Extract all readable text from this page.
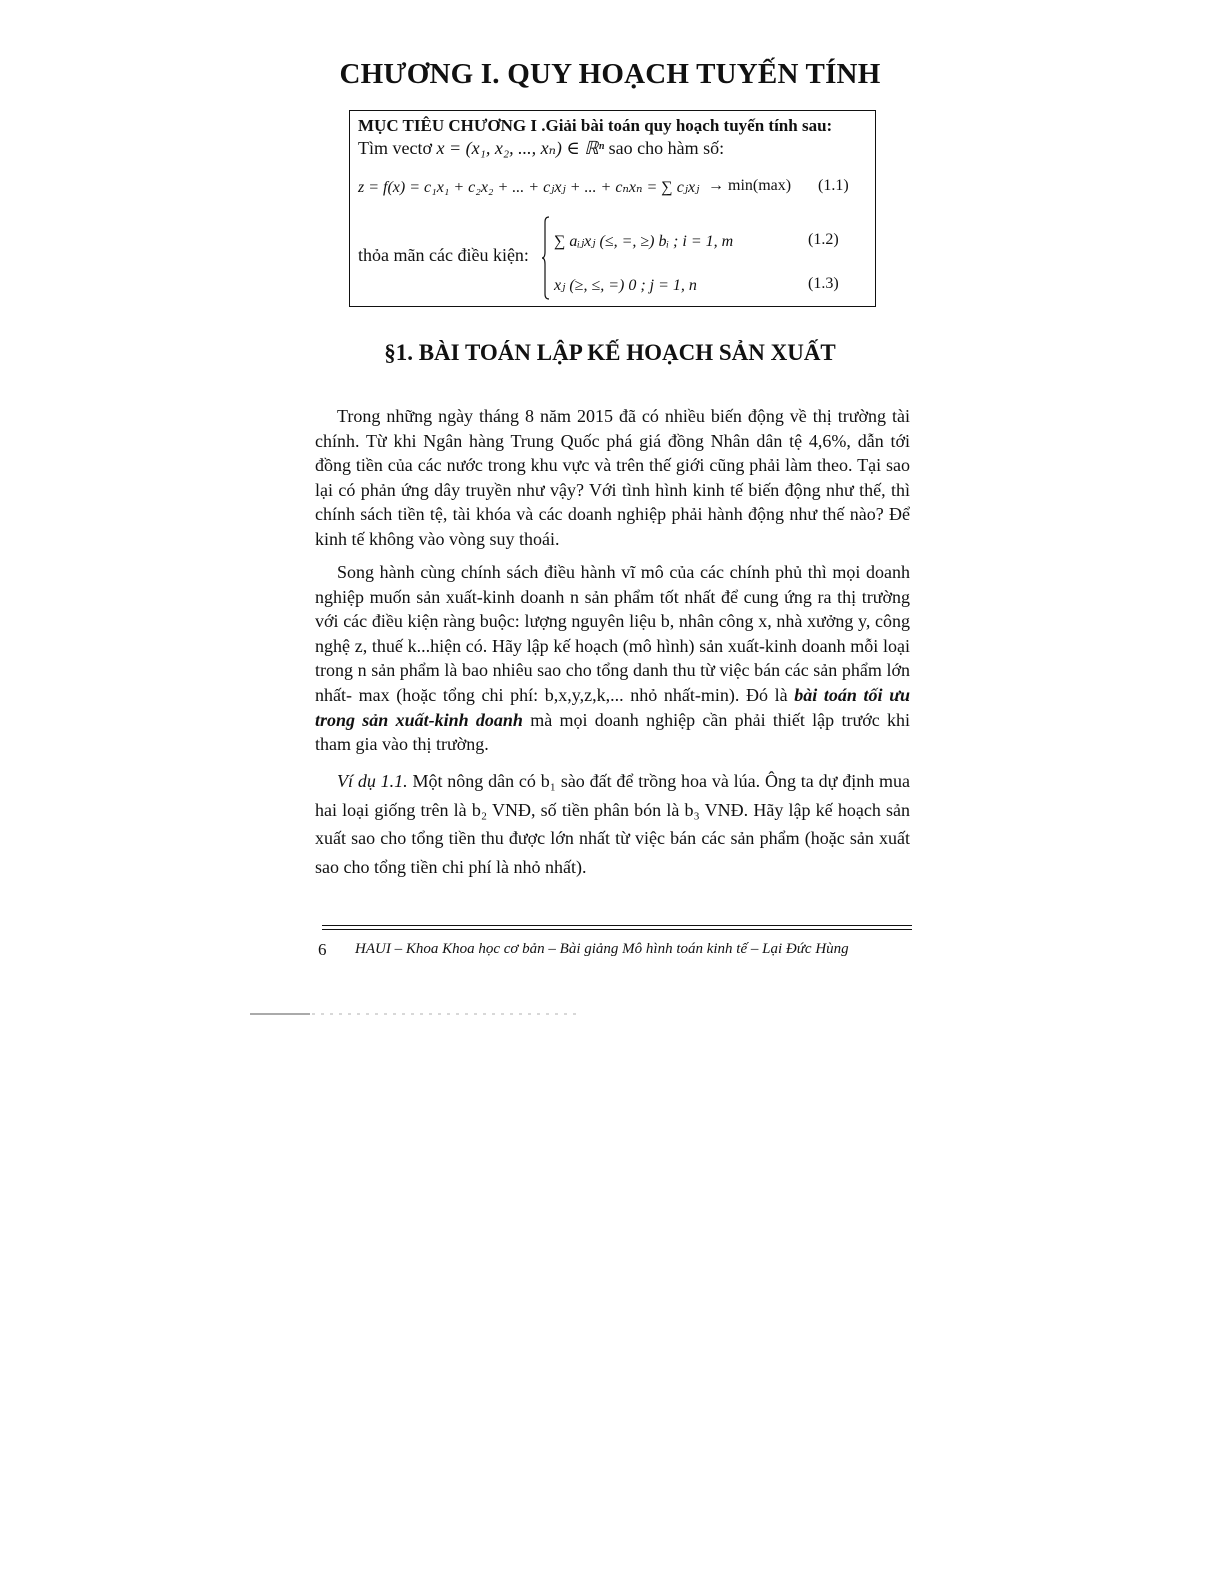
CHƯƠNG I. QUY HOẠCH TUYẾN TÍNH
MỤC TIÊU CHƯƠNG I .Giải bài toán quy hoạch tuyến tính sau:
Tìm vectơ x = (x₁, x₂, ..., xₙ) ∈ ℝⁿ sao cho hàm số:
z = f(x) = c₁x₁ + c₂x₂ + ... + cⱼxⱼ + ... + cₙxₙ = ∑ cⱼxⱼ → min(max) (1.1)
thỏa mãn các điều kiện:
∑ aᵢⱼxⱼ (≤, =, ≥) bᵢ ; i = 1, m	(1.2)
xⱼ (≥, ≤, =) 0 ; j = 1, n	(1.3)
§1. BÀI TOÁN LẬP KẾ HOẠCH SẢN XUẤT

Trong những ngày tháng 8 năm 2015 đã có nhiều biến động về thị trường tài chính. Từ khi Ngân hàng Trung Quốc phá giá đồng Nhân dân tệ 4,6%, dẫn tới đồng tiền của các nước trong khu vực và trên thế giới cũng phải làm theo. Tại sao lại có phản ứng dây truyền như vậy? Với tình hình kinh tế biến động như thế, thì chính sách tiền tệ, tài khóa và các doanh nghiệp phải hành động như thế nào? Để kinh tế không vào vòng suy thoái.

Song hành cùng chính sách điều hành vĩ mô của các chính phủ thì mọi doanh nghiệp muốn sản xuất-kinh doanh n sản phẩm tốt nhất để cung ứng ra thị trường với các điều kiện ràng buộc: lượng nguyên liệu b, nhân công x, nhà xưởng y, công nghệ z, thuế k...hiện có. Hãy lập kế hoạch (mô hình) sản xuất-kinh doanh mỗi loại trong n sản phẩm là bao nhiêu sao cho tổng danh thu từ việc bán các sản phẩm lớn nhất- max (hoặc tổng chi phí: b,x,y,z,k,... nhỏ nhất-min). Đó là bài toán tối ưu trong sản xuất-kinh doanh mà mọi doanh nghiệp cần phải thiết lập trước khi tham gia vào thị trường.

Ví dụ 1.1. Một nông dân có b₁ sào đất để trồng hoa và lúa. Ông ta dự định mua hai loại giống trên là b₂ VNĐ, số tiền phân bón là b₃ VNĐ. Hãy lập kế hoạch sản xuất sao cho tổng tiền thu được lớn nhất từ việc bán các sản phẩm (hoặc sản xuất sao cho tổng tiền chi phí là nhỏ nhất).

6 HAUI – Khoa Khoa học cơ bản – Bài giảng Mô hình toán kinh tế – Lại Đức Hùng
